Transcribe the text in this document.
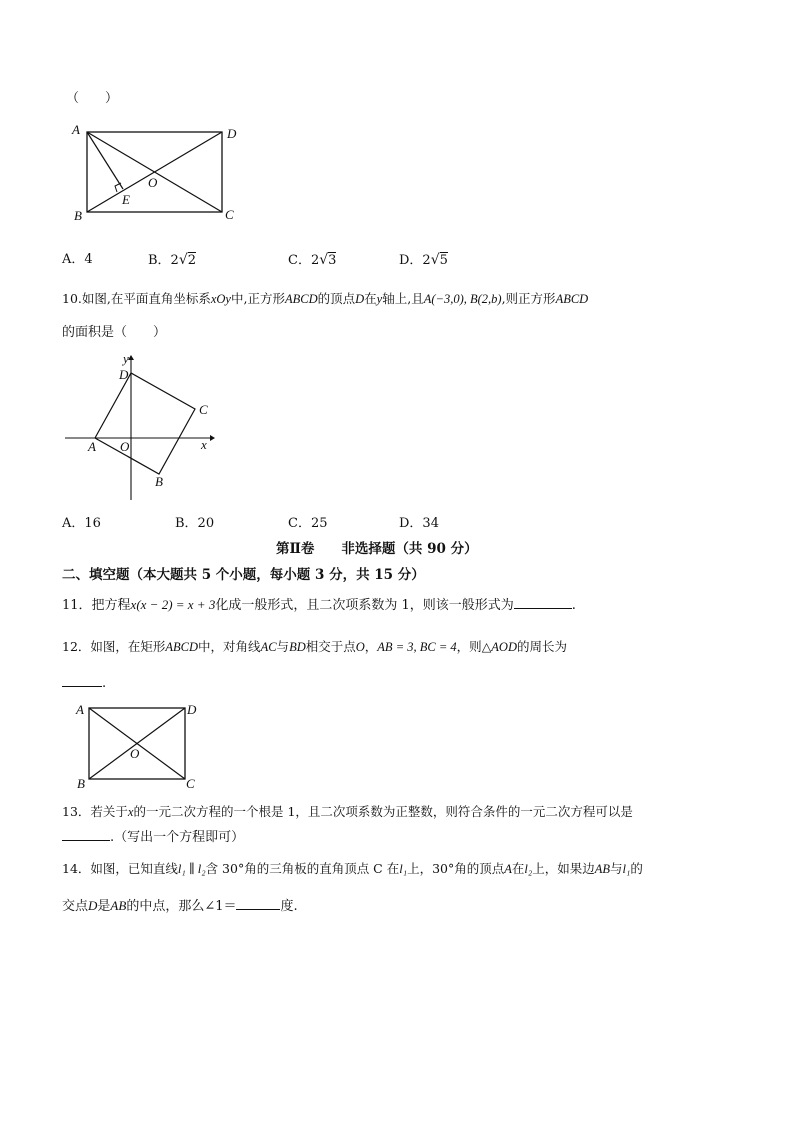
（　　）
A	D
B	C
O
E
A．4	B．2√2	C．2√3	D．2√5
10.如图,在平面直角坐标系xOy中,正方形ABCD的顶点D在y轴上,且A(−3,0), B(2,b),则正方形ABCD
的面积是（　　）
y
x
D
C
A O
B
A．16	B．20	C．25	D．34
第Ⅱ卷　　非选择题（共 90 分）
二、填空题（本大题共 5 个小题，每小题 3 分，共 15 分）
11．把方程x(x − 2) = x + 3化成一般形式，且二次项系数为 1，则该一般形式为	.
12．如图，在矩形ABCD中，对角线AC与BD相交于点O，AB = 3, BC = 4，则△AOD的周长为
.
A	D
B	C
O
13．若关于x的一元二次方程的一个根是 1，且二次项系数为正整数，则符合条件的一元二次方程可以是
.（写出一个方程即可）
14．如图，已知直线l₁ ∥ l₂含 30°角的三角板的直角顶点 C 在l₁上，30°角的顶点A在l₂上，如果边AB与l₁的
交点D是AB的中点，那么∠1＝	度.
